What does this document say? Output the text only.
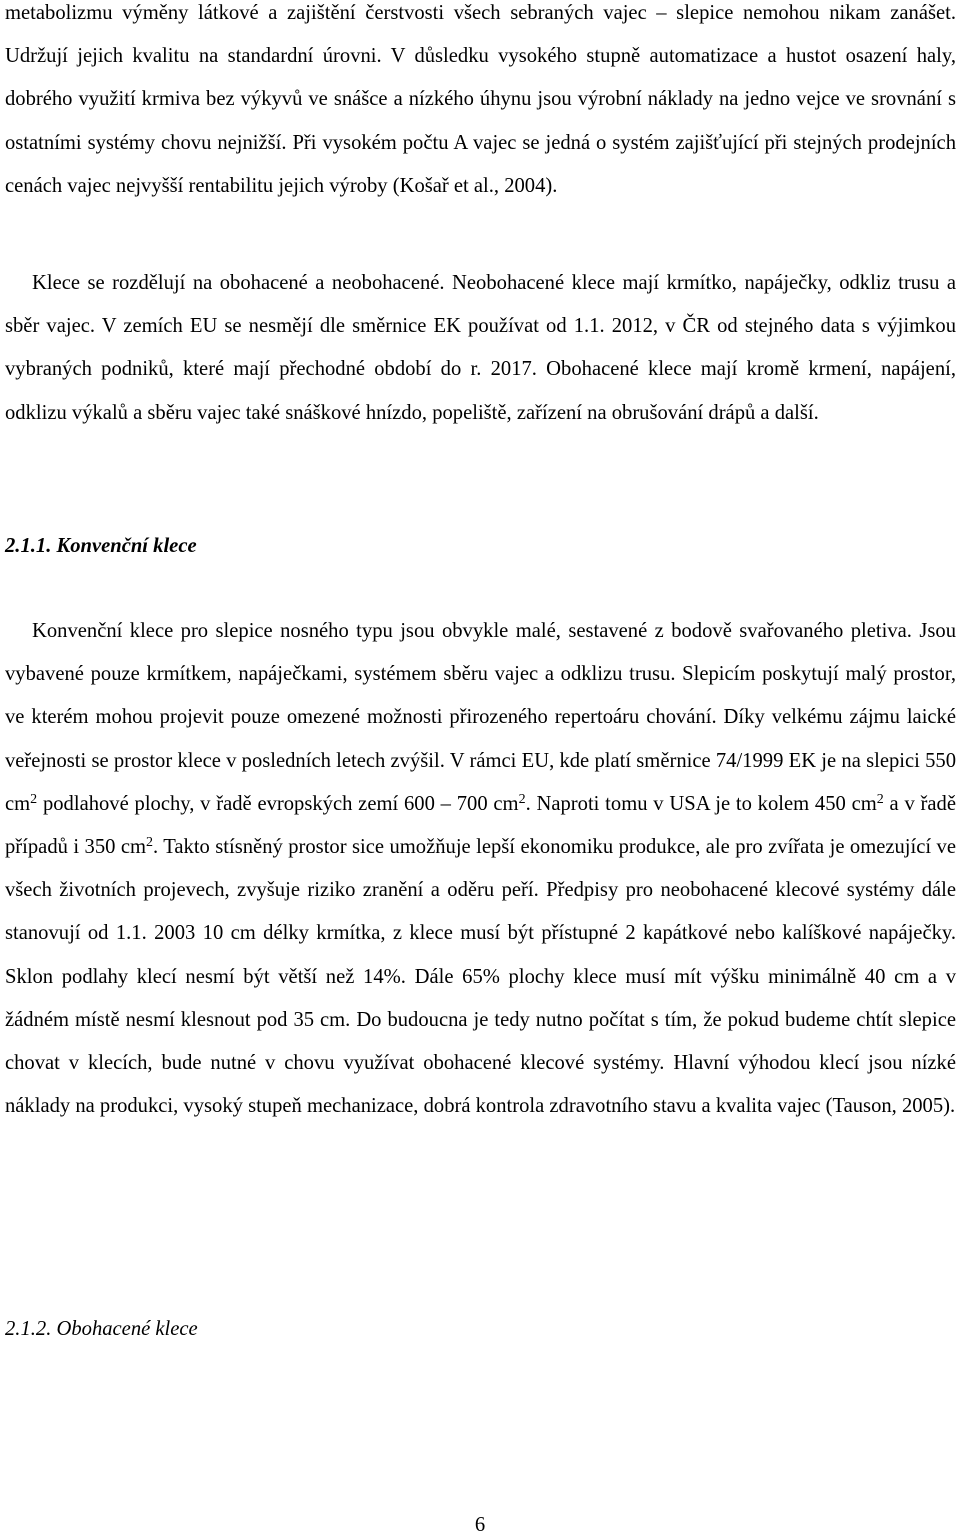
metabolizmu výměny látkové a zajištění čerstvosti všech sebraných vajec – slepice nemohou nikam zanášet. Udržují jejich kvalitu na standardní úrovni. V důsledku vysokého stupně automatizace a hustot osazení haly, dobrého využití krmiva bez výkyvů ve snášce a nízkého úhynu jsou výrobní náklady na jedno vejce ve srovnání s ostatními systémy chovu nejnižší. Při vysokém počtu A vajec se jedná o systém zajišťující při stejných prodejních cenách vajec nejvyšší rentabilitu jejich výroby (Košař et al., 2004).

Klece se rozdělují na obohacené a neobohacené. Neobohacené klece mají krmítko, napáječky, odkliz trusu a sběr vajec. V zemích EU se nesmějí dle směrnice EK používat od 1.1. 2012, v ČR od stejného data s výjimkou vybraných podniků, které mají přechodné období do r. 2017. Obohacené klece mají kromě krmení, napájení, odklizu výkalů a sběru vajec také snáškové hnízdo, popeliště, zařízení na obrušování drápů a další.

2.1.1. Konvenční klece

Konvenční klece pro slepice nosného typu jsou obvykle malé, sestavené z bodově svařovaného pletiva. Jsou vybavené pouze krmítkem, napáječkami, systémem sběru vajec a odklizu trusu. Slepicím poskytují malý prostor, ve kterém mohou projevit pouze omezené možnosti přirozeného repertoáru chování. Díky velkému zájmu laické veřejnosti se prostor klece v posledních letech zvýšil. V rámci EU, kde platí směrnice 74/1999 EK je na slepici 550 $cm^2$ podlahové plochy, v řadě evropských zemí 600 – 700 $cm^2$. Naproti tomu v USA je to kolem 450 $cm^2$ a v řadě případů i 350 $cm^2$. Takto stísněný prostor sice umožňuje lepší ekonomiku produkce, ale pro zvířata je omezující ve všech životních projevech, zvyšuje riziko zranění a oděru peří. Předpisy pro neobohacené klecové systémy dále stanovují od 1.1. 2003 10 cm délky krmítka, z klece musí být přístupné 2 kapátkové nebo kalíškové napáječky. Sklon podlahy klecí nesmí být větší než 14%. Dále 65% plochy klece musí mít výšku minimálně 40 cm a v žádném místě nesmí klesnout pod 35 cm. Do budoucna je tedy nutno počítat s tím, že pokud budeme chtít slepice chovat v klecích, bude nutné v chovu využívat obohacené klecové systémy. Hlavní výhodou klecí jsou nízké náklady na produkci, vysoký stupeň mechanizace, dobrá kontrola zdravotního stavu a kvalita vajec (Tauson, 2005).

2.1.2. Obohacené klece
6
